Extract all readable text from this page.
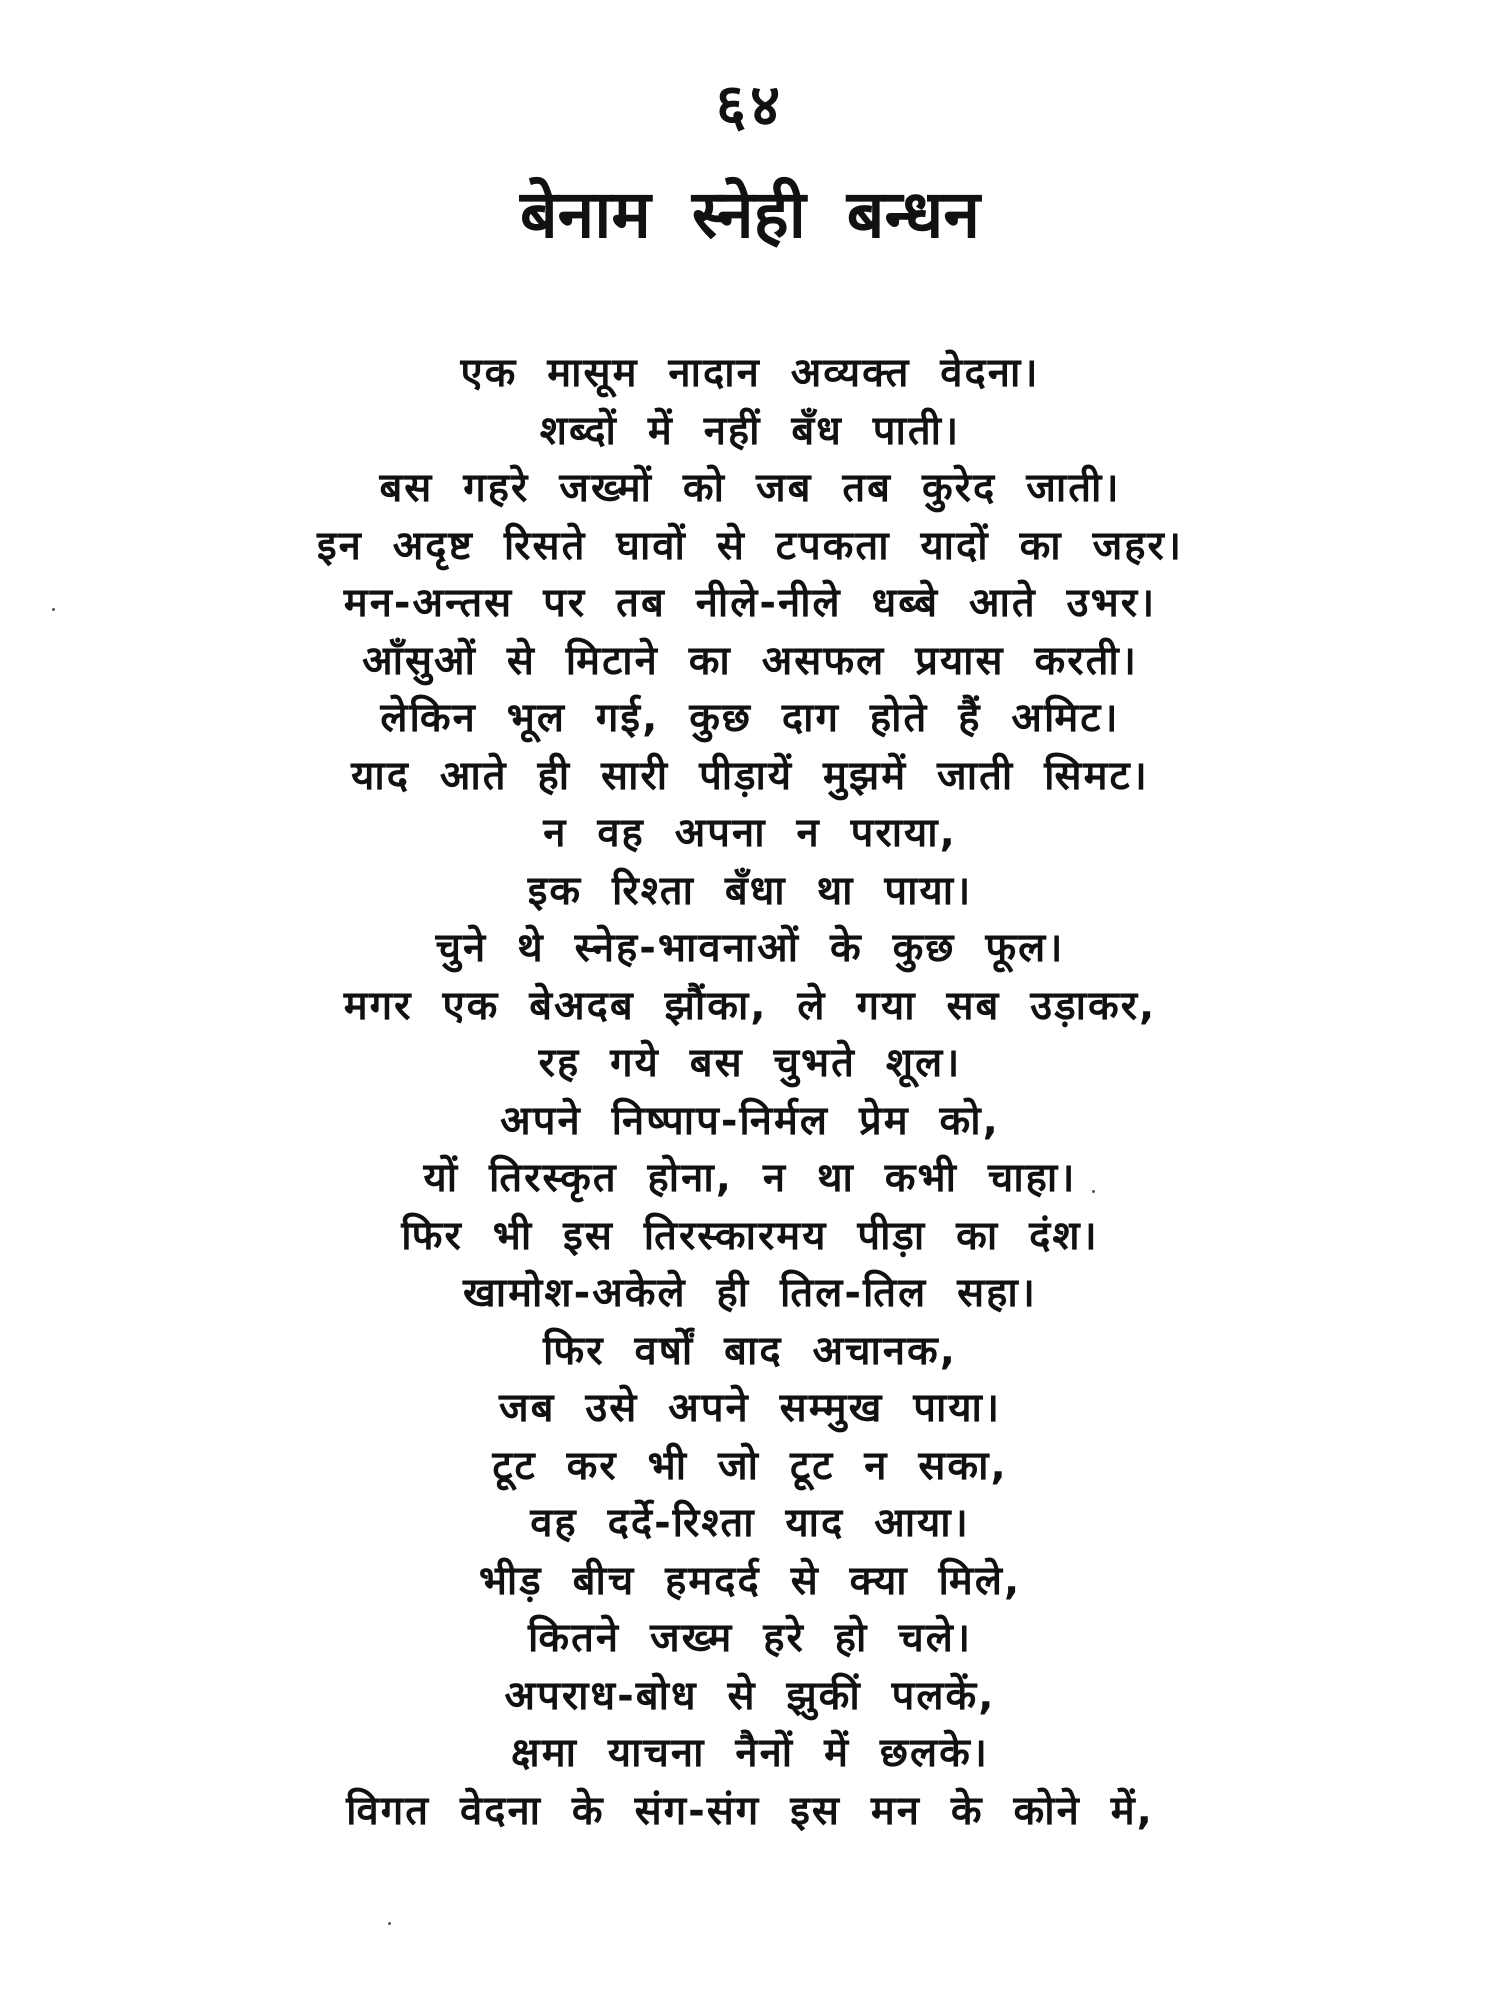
६४
बेनाम स्नेही बन्धन
एक मासूम नादान अव्यक्त वेदना।
शब्दों में नहीं बँध पाती।
बस गहरे जख्मों को जब तब कुरेद जाती।
इन अदृष्ट रिसते घावों से टपकता यादों का जहर।
मन-अन्तस पर तब नीले-नीले धब्बे आते उभर।
आँसुओं से मिटाने का असफल प्रयास करती।
लेकिन भूल गई, कुछ दाग होते हैं अमिट।
याद आते ही सारी पीड़ायें मुझमें जाती सिमट।
न वह अपना न पराया,
इक रिश्ता बँधा था पाया।
चुने थे स्नेह-भावनाओं के कुछ फूल।
मगर एक बेअदब झौंका, ले गया सब उड़ाकर,
रह गये बस चुभते शूल।
अपने निष्पाप-निर्मल प्रेम को,
यों तिरस्कृत होना, न था कभी चाहा।
फिर भी इस तिरस्कारमय पीड़ा का दंश।
खामोश-अकेले ही तिल-तिल सहा।
फिर वर्षों बाद अचानक,
जब उसे अपने सम्मुख पाया।
टूट कर भी जो टूट न सका,
वह दर्दे-रिश्ता याद आया।
भीड़ बीच हमदर्द से क्या मिले,
कितने जख्म हरे हो चले।
अपराध-बोध से झुकीं पलकें,
क्षमा याचना नैनों में छलके।
विगत वेदना के संग-संग इस मन के कोने में,
